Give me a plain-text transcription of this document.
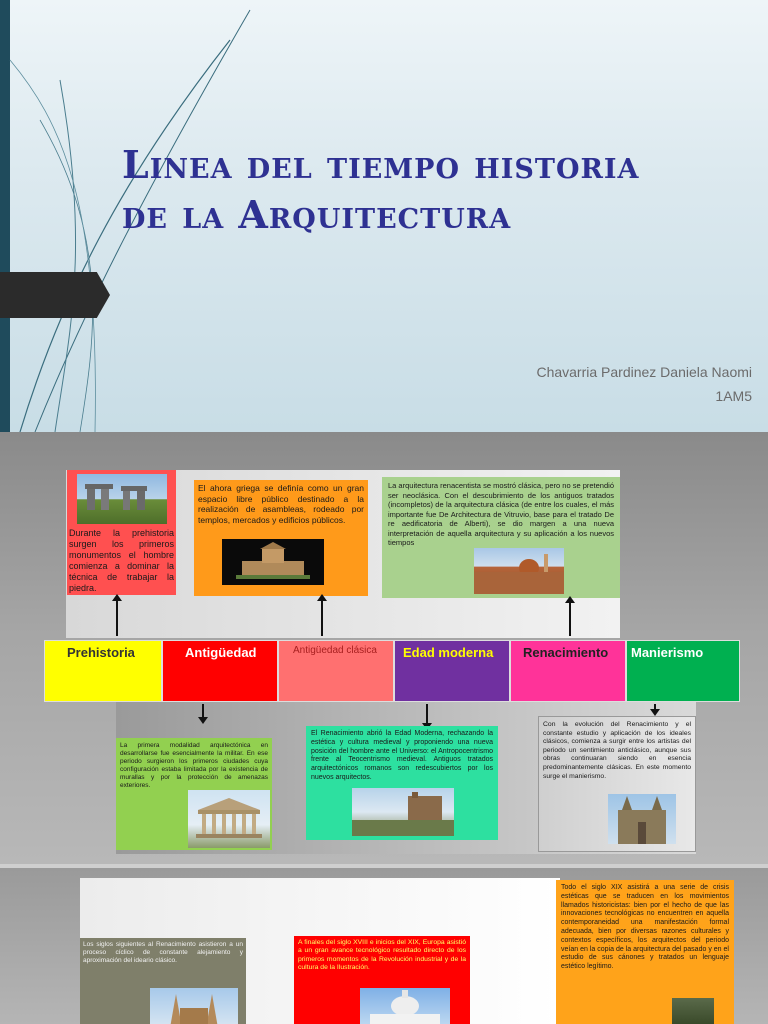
Linea del tiempo historia
de la Arquitectura
Chavarria Pardinez Daniela Naomi
1AM5

Durante la prehistoria surgen los primeros monumentos el hombre comienza a dominar la técnica de trabajar la piedra.

El ahora griega se definía como un gran espacio libre público destinado a la realización de asambleas, rodeado por templos, mercados y edificios públicos.

La arquitectura renacentista se mostró clásica, pero no se pretendió ser neoclásica. Con el descubrimiento de los antiguos tratados (incompletos) de la arquitectura clásica (de entre los cuales, el más importante fue De Architectura de Vitruvio, base para el tratado De re aedificatoria de Alberti), se dio margen a una nueva interpretación de aquella arquitectura y su aplicación a los nuevos tiempos

Prehistoria	Antigüedad	Antigüedad clásica	Edad moderna	Renacimiento	Manierismo

La primera modalidad arquitectónica en desarrollarse fue esencialmente la militar. En ese periodo surgieron los primeros ciudades cuya configuración estaba limitada por la existencia de murallas y por la protección de amenazas exteriores.

El Renacimiento abrió la Edad Moderna, rechazando la estética y cultura medieval y proponiendo una nueva posición del hombre ante el Universo: el Antropocentrismo frente al Teocentrismo medieval. Antiguos tratados arquitectónicos romanos son redescubiertos por los nuevos arquitectos.

Con la evolución del Renacimiento y el constante estudio y aplicación de los ideales clásicos, comienza a surgir entre los artistas del periodo un sentimiento anticlásico, aunque sus obras continuaran siendo en esencia predominantemente clásicas. En este momento surge el manierismo.

Los siglos siguientes al Renacimiento asistieron a un proceso cíclico de constante alejamiento y aproximación del ideario clásico.

A finales del siglo XVIII e inicios del XIX, Europa asistió a un gran avance tecnológico resultado directo de los primeros momentos de la Revolución industrial y de la cultura de la Ilustración.

Todo el siglo XIX asistirá a una serie de crisis estéticas que se traducen en los movimientos llamados historicistas: bien por el hecho de que las innovaciones tecnológicas no encuentren en aquella contemporaneidad una manifestación formal adecuada, bien por diversas razones culturales y contextos específicos, los arquitectos del periodo veían en la copia de la arquitectura del pasado y en el estudio de sus cánones y tratados un lenguaje estético legítimo.
